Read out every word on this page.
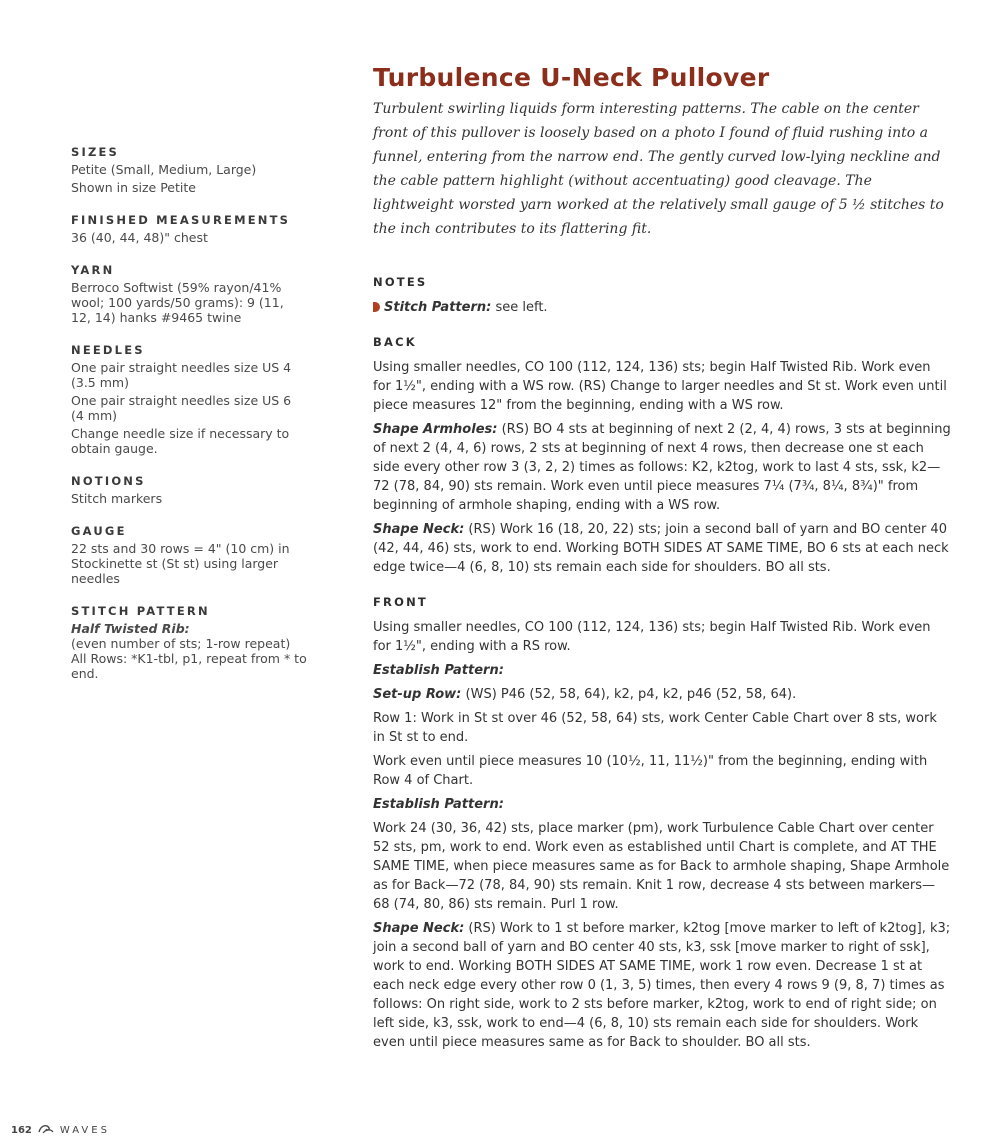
SIZES
Petite (Small, Medium, Large)
Shown in size Petite
FINISHED MEASUREMENTS
36 (40, 44, 48)" chest
YARN
Berroco Softwist (59% rayon/41% wool; 100 yards/50 grams): 9 (11, 12, 14) hanks #9465 twine
NEEDLES
One pair straight needles size US 4 (3.5 mm)
One pair straight needles size US 6 (4 mm)
Change needle size if necessary to obtain gauge.
NOTIONS
Stitch markers
GAUGE
22 sts and 30 rows = 4" (10 cm) in Stockinette st (St st) using larger needles
STITCH PATTERN
Half Twisted Rib:
(even number of sts; 1-row repeat)
All Rows: *K1-tbl, p1, repeat from * to end.
Turbulence U-Neck Pullover
Turbulent swirling liquids form interesting patterns. The cable on the center front of this pullover is loosely based on a photo I found of fluid rushing into a funnel, entering from the narrow end. The gently curved low-lying neckline and the cable pattern highlight (without accentuating) good cleavage. The lightweight worsted yarn worked at the relatively small gauge of 5 ½ stitches to the inch contributes to its flattering fit.
NOTES
Stitch Pattern: see left.
BACK
Using smaller needles, CO 100 (112, 124, 136) sts; begin Half Twisted Rib. Work even for 1½", ending with a WS row. (RS) Change to larger needles and St st. Work even until piece measures 12" from the beginning, ending with a WS row.
Shape Armholes: (RS) BO 4 sts at beginning of next 2 (2, 4, 4) rows, 3 sts at beginning of next 2 (4, 4, 6) rows, 2 sts at beginning of next 4 rows, then decrease one st each side every other row 3 (3, 2, 2) times as follows: K2, k2tog, work to last 4 sts, ssk, k2—72 (78, 84, 90) sts remain. Work even until piece measures 7¼ (7¾, 8¼, 8¾)" from beginning of armhole shaping, ending with a WS row.
Shape Neck: (RS) Work 16 (18, 20, 22) sts; join a second ball of yarn and BO center 40 (42, 44, 46) sts, work to end. Working BOTH SIDES AT SAME TIME, BO 6 sts at each neck edge twice—4 (6, 8, 10) sts remain each side for shoulders. BO all sts.
FRONT
Using smaller needles, CO 100 (112, 124, 136) sts; begin Half Twisted Rib. Work even for 1½", ending with a RS row.
Establish Pattern:
Set-up Row: (WS) P46 (52, 58, 64), k2, p4, k2, p46 (52, 58, 64).
Row 1: Work in St st over 46 (52, 58, 64) sts, work Center Cable Chart over 8 sts, work in St st to end.
Work even until piece measures 10 (10½, 11, 11½)" from the beginning, ending with Row 4 of Chart.
Establish Pattern:
Work 24 (30, 36, 42) sts, place marker (pm), work Turbulence Cable Chart over center 52 sts, pm, work to end. Work even as established until Chart is complete, and AT THE SAME TIME, when piece measures same as for Back to armhole shaping, Shape Armhole as for Back—72 (78, 84, 90) sts remain. Knit 1 row, decrease 4 sts between markers—68 (74, 80, 86) sts remain. Purl 1 row.
Shape Neck: (RS) Work to 1 st before marker, k2tog [move marker to left of k2tog], k3; join a second ball of yarn and BO center 40 sts, k3, ssk [move marker to right of ssk], work to end. Working BOTH SIDES AT SAME TIME, work 1 row even. Decrease 1 st at each neck edge every other row 0 (1, 3, 5) times, then every 4 rows 9 (9, 8, 7) times as follows: On right side, work to 2 sts before marker, k2tog, work to end of right side; on left side, k3, ssk, work to end—4 (6, 8, 10) sts remain each side for shoulders. Work even until piece measures same as for Back to shoulder. BO all sts.
162	WAVES
